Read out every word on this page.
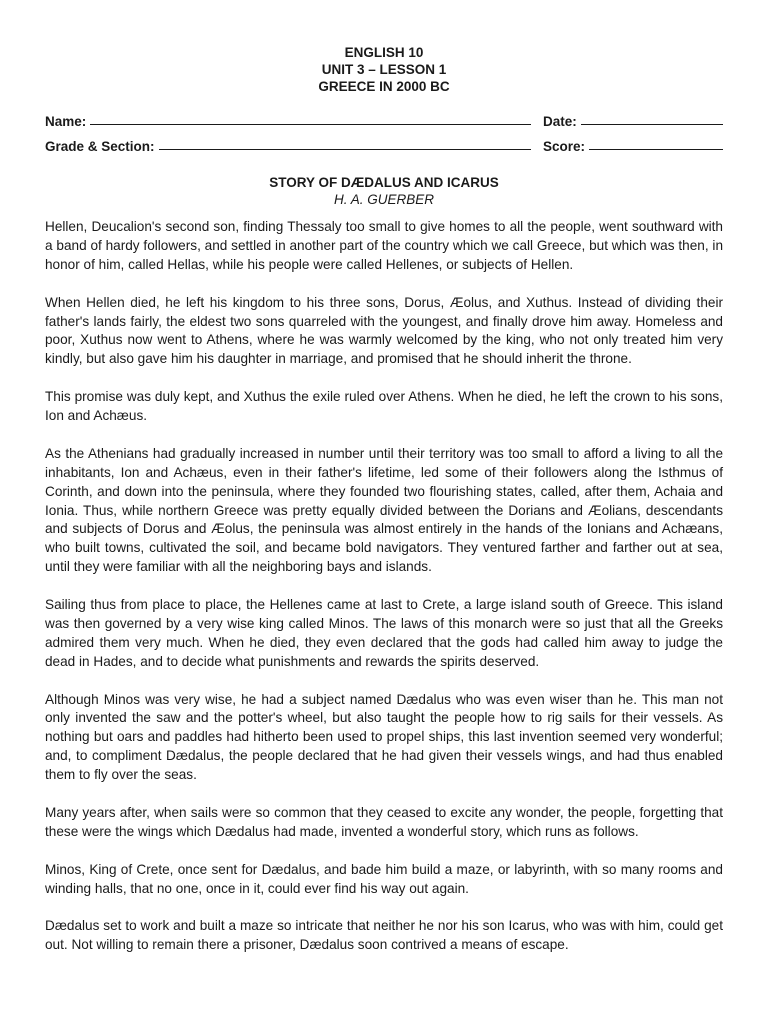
ENGLISH 10
UNIT 3 – LESSON 1
GREECE IN 2000 BC
Name:	Date:
Grade & Section:	Score:
STORY OF DÆDALUS AND ICARUS
H. A. GUERBER

Hellen, Deucalion's second son, finding Thessaly too small to give homes to all the people, went southward with a band of hardy followers, and settled in another part of the country which we call Greece, but which was then, in honor of him, called Hellas, while his people were called Hellenes, or subjects of Hellen.

When Hellen died, he left his kingdom to his three sons, Dorus, Æolus, and Xuthus. Instead of dividing their father's lands fairly, the eldest two sons quarreled with the youngest, and finally drove him away. Homeless and poor, Xuthus now went to Athens, where he was warmly welcomed by the king, who not only treated him very kindly, but also gave him his daughter in marriage, and promised that he should inherit the throne.

This promise was duly kept, and Xuthus the exile ruled over Athens. When he died, he left the crown to his sons, Ion and Achæus.

As the Athenians had gradually increased in number until their territory was too small to afford a living to all the inhabitants, Ion and Achæus, even in their father's lifetime, led some of their followers along the Isthmus of Corinth, and down into the peninsula, where they founded two flourishing states, called, after them, Achaia and Ionia. Thus, while northern Greece was pretty equally divided between the Dorians and Æolians, descendants and subjects of Dorus and Æolus, the peninsula was almost entirely in the hands of the Ionians and Achæans, who built towns, cultivated the soil, and became bold navigators. They ventured farther and farther out at sea, until they were familiar with all the neighboring bays and islands.

Sailing thus from place to place, the Hellenes came at last to Crete, a large island south of Greece. This island was then governed by a very wise king called Minos. The laws of this monarch were so just that all the Greeks admired them very much. When he died, they even declared that the gods had called him away to judge the dead in Hades, and to decide what punishments and rewards the spirits deserved.

Although Minos was very wise, he had a subject named Dædalus who was even wiser than he. This man not only invented the saw and the potter's wheel, but also taught the people how to rig sails for their vessels. As nothing but oars and paddles had hitherto been used to propel ships, this last invention seemed very wonderful; and, to compliment Dædalus, the people declared that he had given their vessels wings, and had thus enabled them to fly over the seas.

Many years after, when sails were so common that they ceased to excite any wonder, the people, forgetting that these were the wings which Dædalus had made, invented a wonderful story, which runs as follows.

Minos, King of Crete, once sent for Dædalus, and bade him build a maze, or labyrinth, with so many rooms and winding halls, that no one, once in it, could ever find his way out again.

Dædalus set to work and built a maze so intricate that neither he nor his son Icarus, who was with him, could get out. Not willing to remain there a prisoner, Dædalus soon contrived a means of escape.
